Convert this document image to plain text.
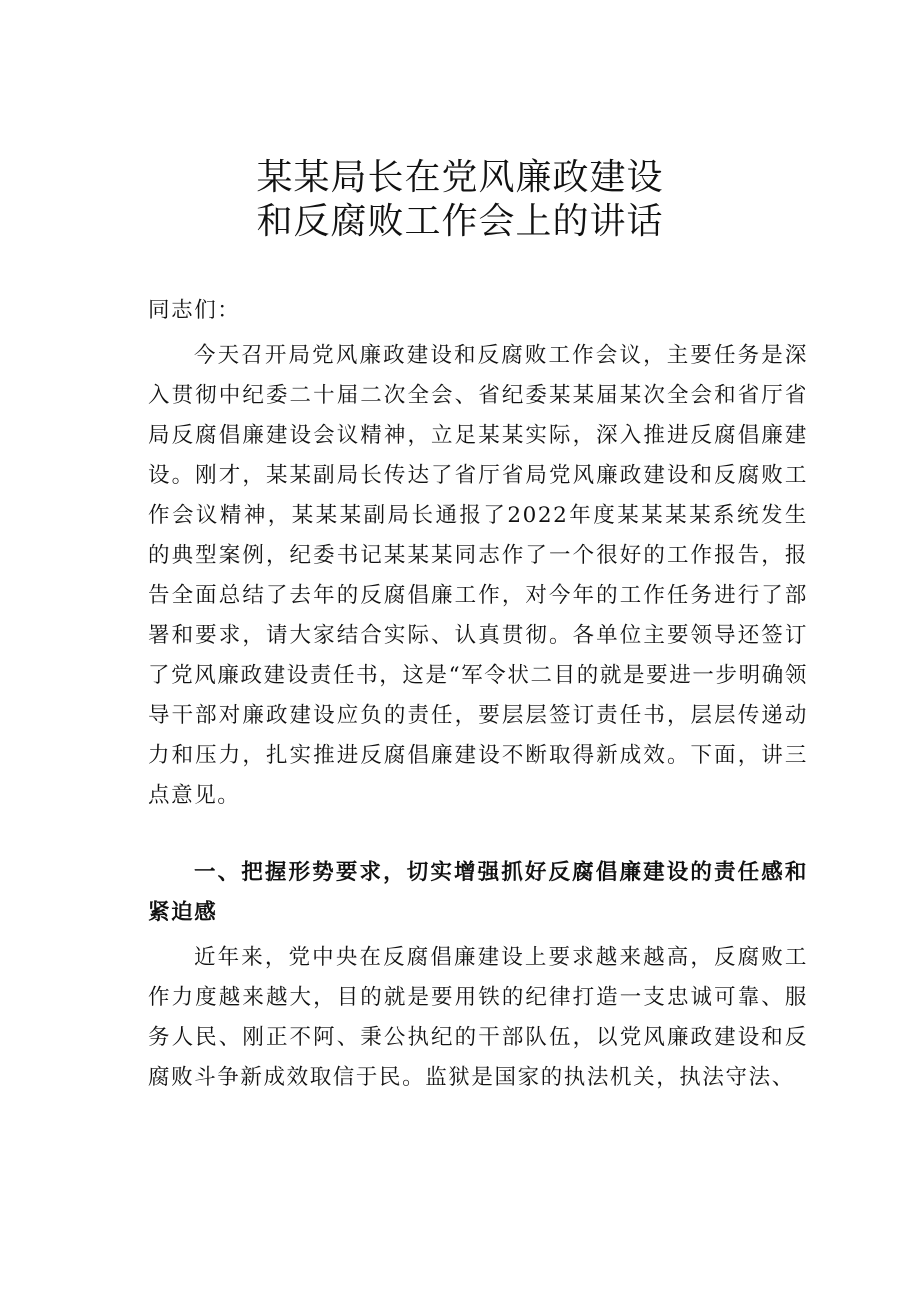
某某局长在党风廉政建设
和反腐败工作会上的讲话
同志们：
今天召开局党风廉政建设和反腐败工作会议，主要任务是深入贯彻中纪委二十届二次全会、省纪委某某届某次全会和省厅省局反腐倡廉建设会议精神，立足某某实际，深入推进反腐倡廉建设。刚才，某某副局长传达了省厅省局党风廉政建设和反腐败工作会议精神，某某某副局长通报了2022年度某某某某系统发生的典型案例，纪委书记某某某同志作了一个很好的工作报告，报告全面总结了去年的反腐倡廉工作，对今年的工作任务进行了部署和要求，请大家结合实际、认真贯彻。各单位主要领导还签订了党风廉政建设责任书，这是“军令状二目的就是要进一步明确领导干部对廉政建设应负的责任，要层层签订责任书，层层传递动力和压力，扎实推进反腐倡廉建设不断取得新成效。下面，讲三点意见。
一、把握形势要求，切实增强抓好反腐倡廉建设的责任感和紧迫感
近年来，党中央在反腐倡廉建设上要求越来越高，反腐败工作力度越来越大，目的就是要用铁的纪律打造一支忠诚可靠、服务人民、刚正不阿、秉公执纪的干部队伍，以党风廉政建设和反腐败斗争新成效取信于民。监狱是国家的执法机关，执法守法、
